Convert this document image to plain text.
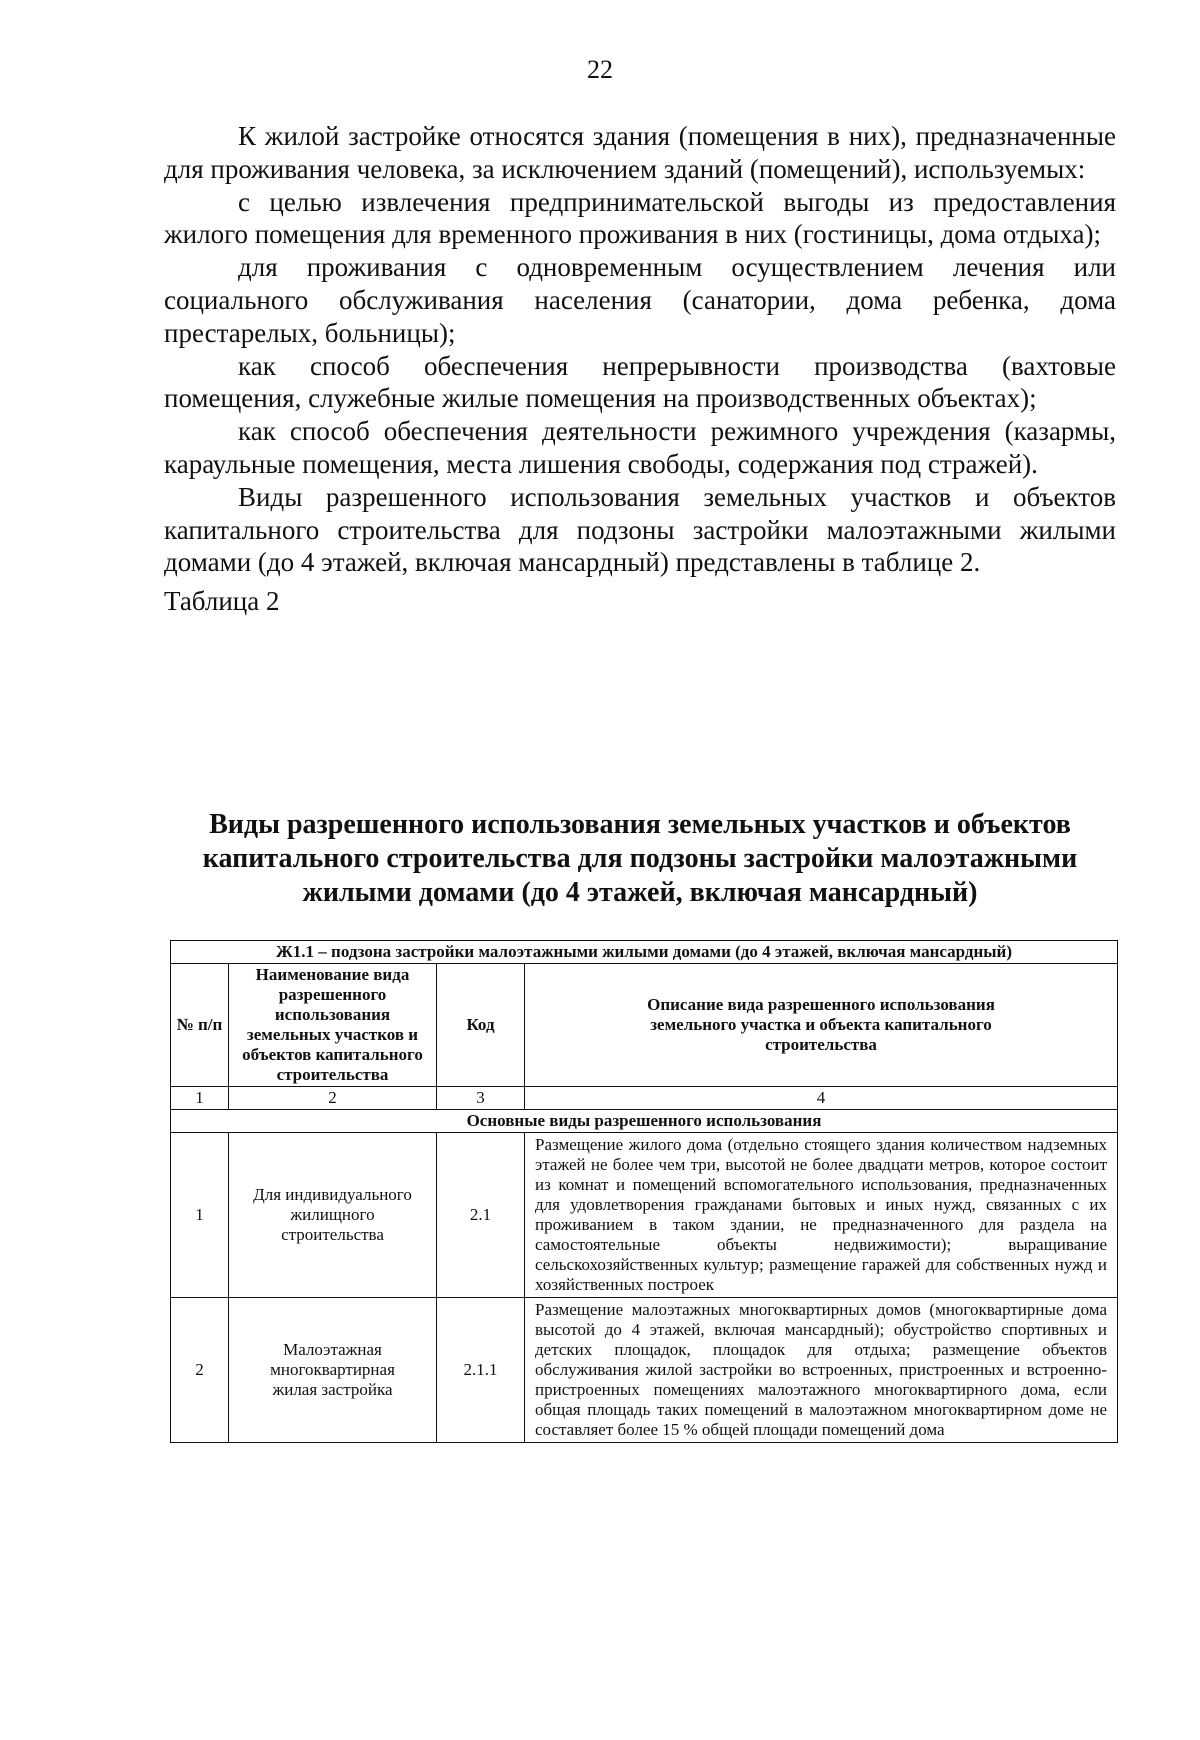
22

К жилой застройке относятся здания (помещения в них), предназначенные для проживания человека, за исключением зданий (помещений), используемых:

с целью извлечения предпринимательской выгоды из предоставления жилого помещения для временного проживания в них (гостиницы, дома отдыха);

для проживания с одновременным осуществлением лечения или социального обслуживания населения (санатории, дома ребенка, дома престарелых, больницы);

как способ обеспечения непрерывности производства (вахтовые помещения, служебные жилые помещения на производственных объектах);

как способ обеспечения деятельности режимного учреждения (казармы, караульные помещения, места лишения свободы, содержания под стражей).

Виды разрешенного использования земельных участков и объектов капитального строительства для подзоны застройки малоэтажными жилыми домами (до 4 этажей, включая мансардный) представлены в таблице 2.

Таблица 2

Виды разрешенного использования земельных участков и объектов капитального строительства для подзоны застройки малоэтажными жилыми домами (до 4 этажей, включая мансардный)
Ж1.1 – подзона застройки малоэтажными жилыми домами (до 4 этажей, включая мансардный)			
№ п/п	Наименование вида разрешенного использования земельных участков и объектов капитального строительства	Код	Описание вида разрешенного использования земельного участка и объекта капитального строительства
1	2	3	4
Основные виды разрешенного использования			
1	Для индивидуального жилищного строительства	2.1	Размещение жилого дома (отдельно стоящего здания количеством надземных этажей не более чем три, высотой не более двадцати метров, которое состоит из комнат и помещений вспомогательного использования, предназначенных для удовлетворения гражданами бытовых и иных нужд, связанных с их проживанием в таком здании, не предназначенного для раздела на самостоятельные объекты недвижимости); выращивание сельскохозяйственных культур; размещение гаражей для собственных нужд и хозяйственных построек
2	Малоэтажная многоквартирная жилая застройка	2.1.1	Размещение малоэтажных многоквартирных домов (многоквартирные дома высотой до 4 этажей, включая мансардный); обустройство спортивных и детских площадок, площадок для отдыха; размещение объектов обслуживания жилой застройки во встроенных, пристроенных и встроенно-пристроенных помещениях малоэтажного многоквартирного дома, если общая площадь таких помещений в малоэтажном многоквартирном доме не составляет более 15 % общей площади помещений дома
